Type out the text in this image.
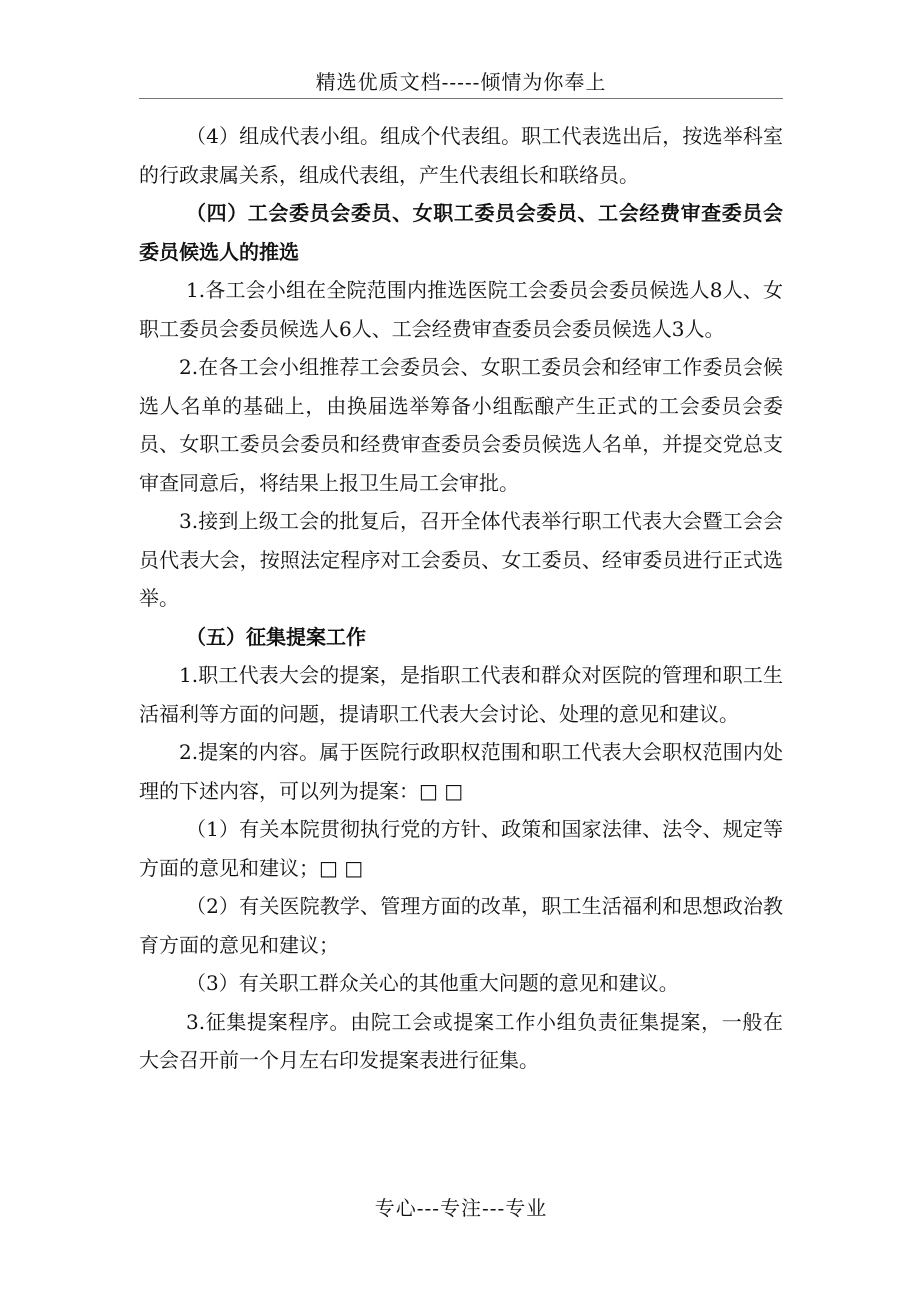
精选优质文档-----倾情为你奉上

（4）组成代表小组。组成个代表组。职工代表选出后，按选举科室的行政隶属关系，组成代表组，产生代表组长和联络员。

（四）工会委员会委员、女职工委员会委员、工会经费审查委员会委员候选人的推选

1.各工会小组在全院范围内推选医院工会委员会委员候选人8人、女职工委员会委员候选人6人、工会经费审查委员会委员候选人3人。

2.在各工会小组推荐工会委员会、女职工委员会和经审工作委员会候选人名单的基础上，由换届选举筹备小组酝酿产生正式的工会委员会委员、女职工委员会委员和经费审查委员会委员候选人名单，并提交党总支审查同意后，将结果上报卫生局工会审批。

3.接到上级工会的批复后，召开全体代表举行职工代表大会暨工会会员代表大会，按照法定程序对工会委员、女工委员、经审委员进行正式选举。

（五）征集提案工作

1.职工代表大会的提案，是指职工代表和群众对医院的管理和职工生活福利等方面的问题，提请职工代表大会讨论、处理的意见和建议。

2.提案的内容。属于医院行政职权范围和职工代表大会职权范围内处理的下述内容，可以列为提案：□ □

（1）有关本院贯彻执行党的方针、政策和国家法律、法令、规定等方面的意见和建议；□ □

（2）有关医院教学、管理方面的改革，职工生活福利和思想政治教育方面的意见和建议；

（3）有关职工群众关心的其他重大问题的意见和建议。

3.征集提案程序。由院工会或提案工作小组负责征集提案，一般在大会召开前一个月左右印发提案表进行征集。

专心---专注---专业
